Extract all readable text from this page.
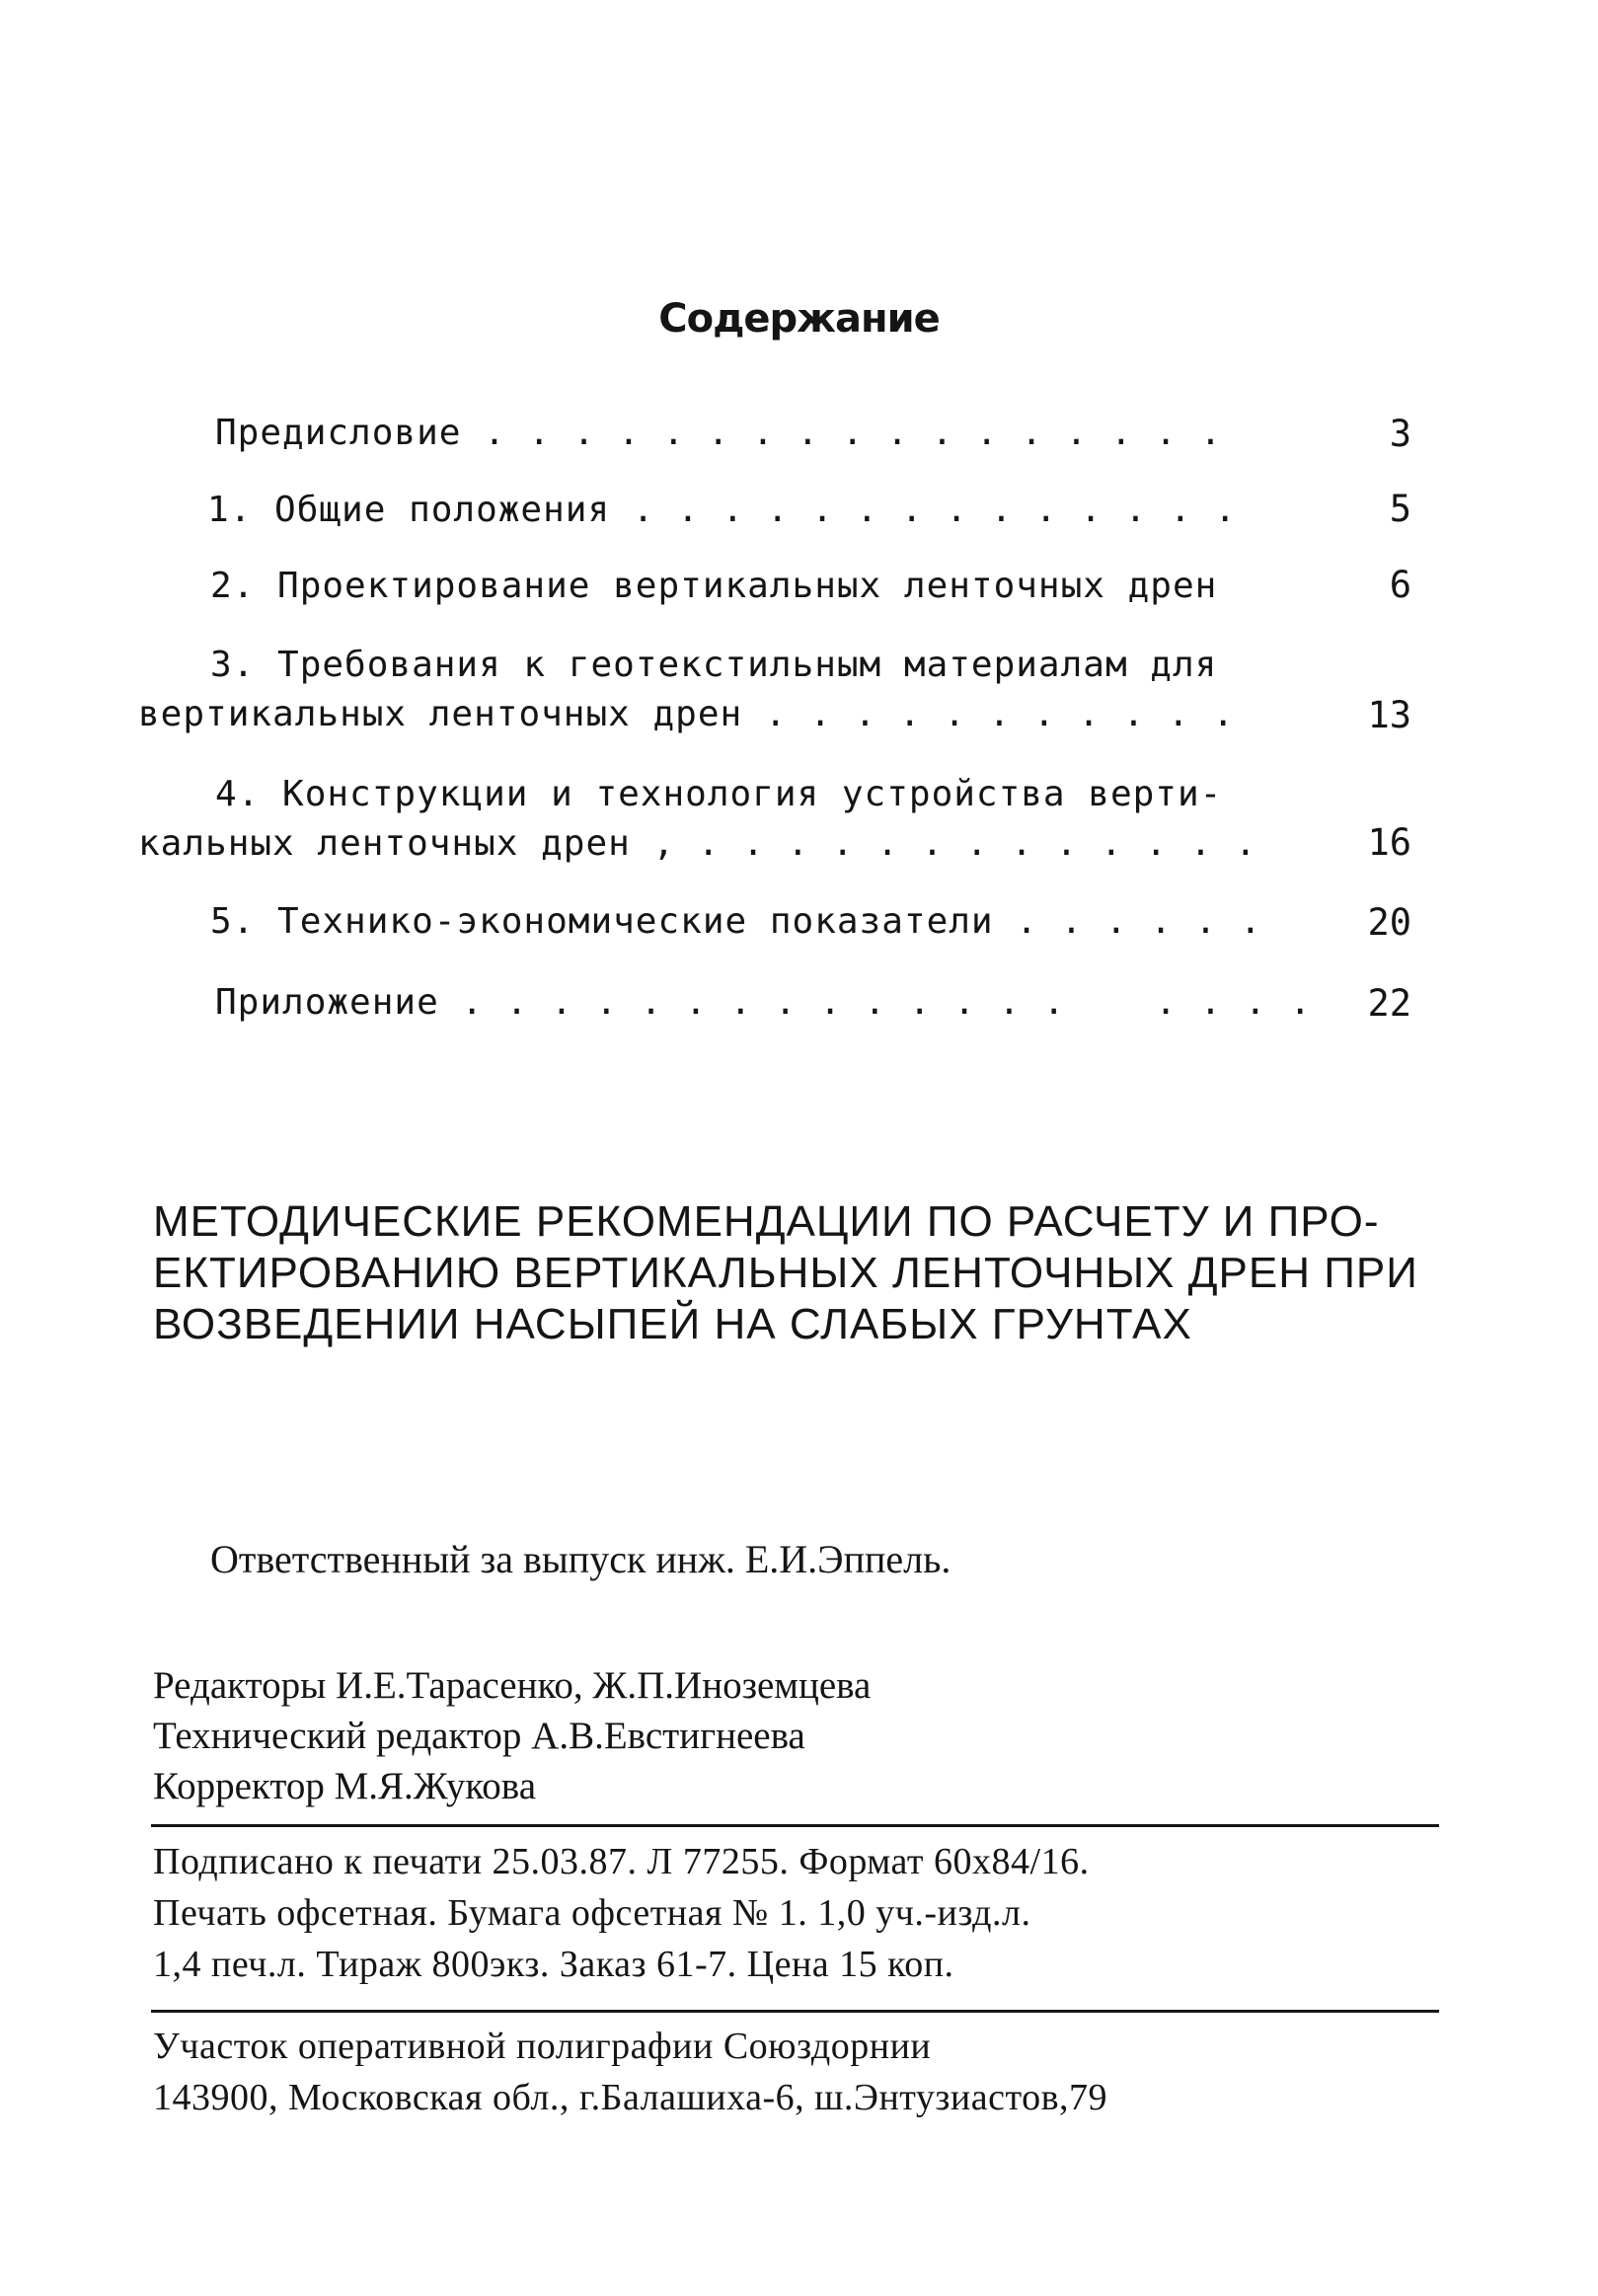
Содержание
Предисловие . . . . . . . . . . . . . . . . .	3
1. Общие положения . . . . . . . . . . . . . .	5
2. Проектирование вертикальных ленточных дрен	6
3. Требования к геотекстильным материалам для
вертикальных ленточных дрен . . . . . . . . . . .	13
4. Конструкции и технология устройства верти-
кальных ленточных дрен , . . . . . . . . . . . . .	16
5. Технико-экономические показатели . . . . . .	20
Приложение . . . . . . . . . . . . . .    . . . .	22
МЕТОДИЧЕСКИЕ РЕКОМЕНДАЦИИ ПО РАСЧЕТУ И ПРО-
ЕКТИРОВАНИЮ ВЕРТИКАЛЬНЫХ ЛЕНТОЧНЫХ ДРЕН ПРИ
ВОЗВЕДЕНИИ НАСЫПЕЙ НА СЛАБЫХ ГРУНТАХ
Ответственный за выпуск инж. Е.И.Эппель.
Редакторы И.Е.Тарасенко, Ж.П.Иноземцева
Технический редактор А.В.Евстигнеева
Корректор М.Я.Жукова
Подписано к печати 25.03.87. Л 77255. Формат 60х84/16.
Печать офсетная. Бумага офсетная № 1. 1,0 уч.-изд.л.
1,4 печ.л. Тираж 800экз. Заказ 61-7. Цена 15 коп.
Участок оперативной полиграфии Союздорнии
143900, Московская обл., г.Балашиха-6, ш.Энтузиастов,79
